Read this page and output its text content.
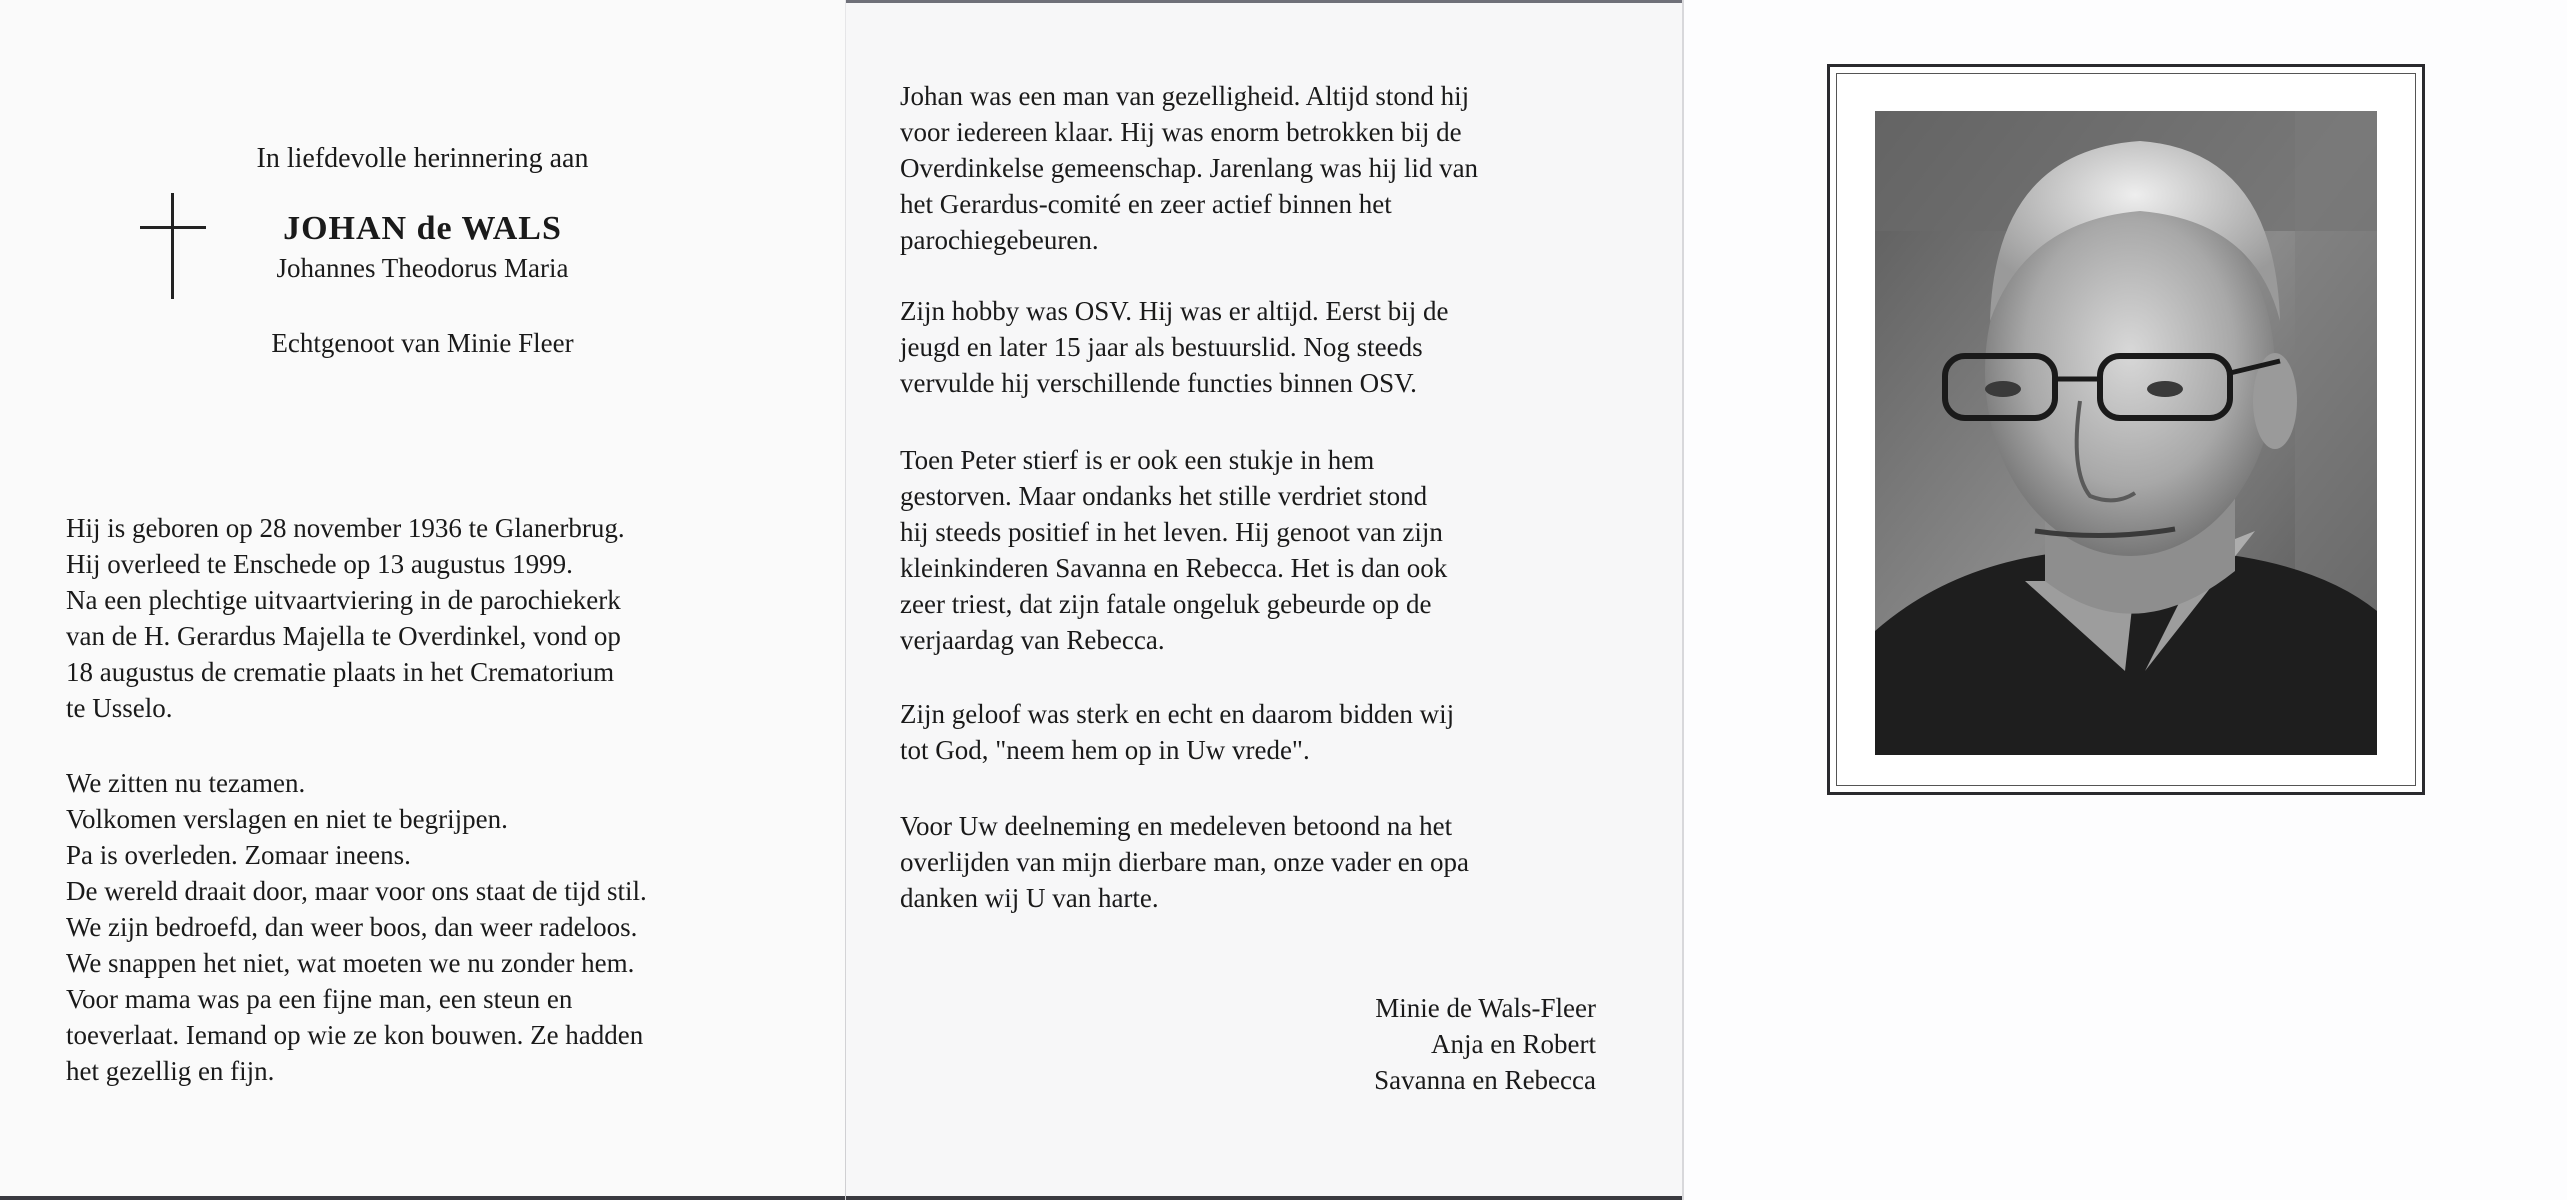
In liefdevolle herinnering aan
JOHAN de WALS
Johannes Theodorus Maria
Echtgenoot van Minie Fleer
Hij is geboren op 28 november 1936 te Glanerbrug.
Hij overleed te Enschede op 13 augustus 1999.
Na een plechtige uitvaartviering in de parochiekerk
van de H. Gerardus Majella te Overdinkel, vond op
18 augustus de crematie plaats in het Crematorium
te Usselo.
We zitten nu tezamen.
Volkomen verslagen en niet te begrijpen.
Pa is overleden. Zomaar ineens.
De wereld draait door, maar voor ons staat de tijd stil.
We zijn bedroefd, dan weer boos, dan weer radeloos.
We snappen het niet, wat moeten we nu zonder hem.
Voor mama was pa een fijne man, een steun en
toeverlaat. Iemand op wie ze kon bouwen. Ze hadden
het gezellig en fijn.
Johan was een man van gezelligheid. Altijd stond hij
voor iedereen klaar. Hij was enorm betrokken bij de
Overdinkelse gemeenschap. Jarenlang was hij lid van
het Gerardus-comité en zeer actief binnen het
parochiegebeuren.
Zijn hobby was OSV. Hij was er altijd. Eerst bij de
jeugd en later 15 jaar als bestuurslid. Nog steeds
vervulde hij verschillende functies binnen OSV.
Toen Peter stierf is er ook een stukje in hem
gestorven. Maar ondanks het stille verdriet stond
hij steeds positief in het leven. Hij genoot van zijn
kleinkinderen Savanna en Rebecca. Het is dan ook
zeer triest, dat zijn fatale ongeluk gebeurde op de
verjaardag van Rebecca.
Zijn geloof was sterk en echt en daarom bidden wij
tot God, "neem hem op in Uw vrede".
Voor Uw deelneming en medeleven betoond na het
overlijden van mijn dierbare man, onze vader en opa
danken wij U van harte.
Minie de Wals-Fleer
Anja en Robert
Savanna en Rebecca
